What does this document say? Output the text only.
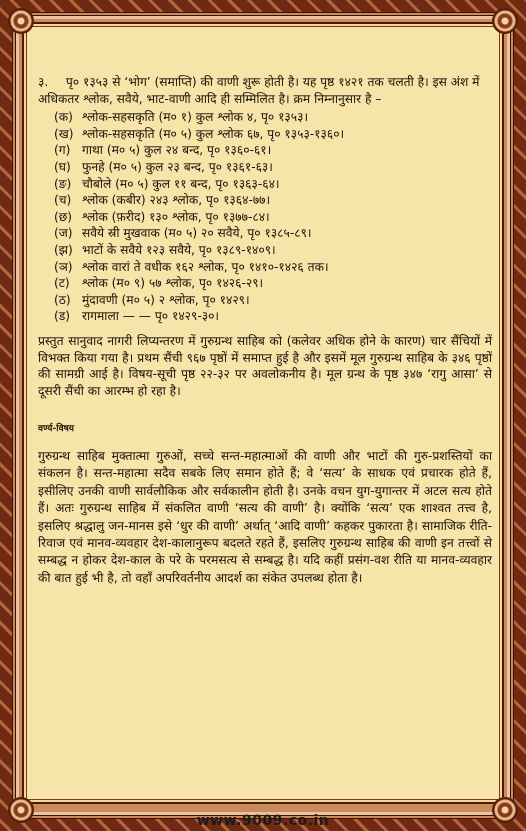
३. पृ० १३५३ से ‘भोग’ (समाप्ति) की वाणी शुरू होती है। यह पृष्ठ १४२१ तक चलती है। इस अंश में अधिकतर श्लोक, सवैये, भाट-वाणी आदि ही सम्मिलित है। क्रम निम्नानुसार है –

(क) श्लोक-सहसकृति (म० १) कुल श्लोक ४, पृ० १३५३।
(ख) श्लोक-सहसकृति (म० ५) कुल श्लोक ६७, पृ० १३५३-१३६०।
(ग) गाथा (म० ५) कुल २४ बन्द, पृ० १३६०-६१।
(घ) फुनहे (म० ५) कुल २३ बन्द, पृ० १३६१-६३।
(ङ) चौबोले (म० ५) कुल ११ बन्द, पृ० १३६३-६४।
(च) श्लोक (कबीर) २४३ श्लोक, पृ० १३६४-७७।
(छ) श्लोक (फ़रीद) १३० श्लोक, पृ० १३७७-८४।
(ज) सवैये स्री मुखवाक (म० ५) २० सवैये, पृ० १३८५-८९।
(झ) भाटों के सवैये १२३ सवैये, पृ० १३८९-१४०९।
(ञ) श्लोक वारां ते वधीक १६२ श्लोक, पृ० १४१०-१४२६ तक।
(ट) श्लोक (म० ९) ५७ श्लोक, पृ० १४२६-२९।
(ठ) मुंदावणी (म० ५) २ श्लोक, पृ० १४२९।
(ड) रागमाला — — पृ० १४२९-३०।

प्रस्तुत सानुवाद नागरी लिप्यन्तरण में गुरुग्रन्थ साहिब को (कलेवर अधिक होने के कारण) चार सैंचियों में विभक्त किया गया है। प्रथम सैंची ९६७ पृष्ठों में समाप्त हुई है और इसमें मूल गुरुग्रन्थ साहिब के ३४६ पृष्ठों की सामग्री आई है। विषय-सूची पृष्ठ २२-३२ पर अवलोकनीय है। मूल ग्रन्थ के पृष्ठ ३४७ ‘रागु आसा’ से दूसरी सैंची का आरम्भ हो रहा है।

वर्ण्य-विषय

गुरुग्रन्थ साहिब मुक्तात्मा गुरुओं, सच्चे सन्त-महात्माओं की वाणी और भाटों की गुरु-प्रशस्तियों का संकलन है। सन्त-महात्मा सदैव सबके लिए समान होते हैं; वे ‘सत्य’ के साधक एवं प्रचारक होते हैं, इसीलिए उनकी वाणी सार्वलौकिक और सर्वकालीन होती है। उनके वचन युग-युगान्तर में अटल सत्य होते हैं। अतः गुरुग्रन्थ साहिब में संकलित वाणी ‘सत्य की वाणी’ है। क्योंकि ‘सत्य’ एक शाश्वत तत्त्व है, इसलिए श्रद्धालु जन-मानस इसे ‘धुर की वाणी’ अर्थात् ‘आदि वाणी’ कहकर पुकारता है। सामाजिक रीति-रिवाज एवं मानव-व्यवहार देश-कालानुरूप बदलते रहते हैं, इसलिए गुरुग्रन्थ साहिब की वाणी इन तत्त्वों से सम्बद्ध न होकर देश-काल के परे के परमसत्य से सम्बद्ध है। यदि कहीं प्रसंग-वश रीति या मानव-व्यवहार की बात हुई भी है, तो वहाँ अपरिवर्तनीय आदर्श का संकेत उपलब्ध होता है।

www.9009.co.in
